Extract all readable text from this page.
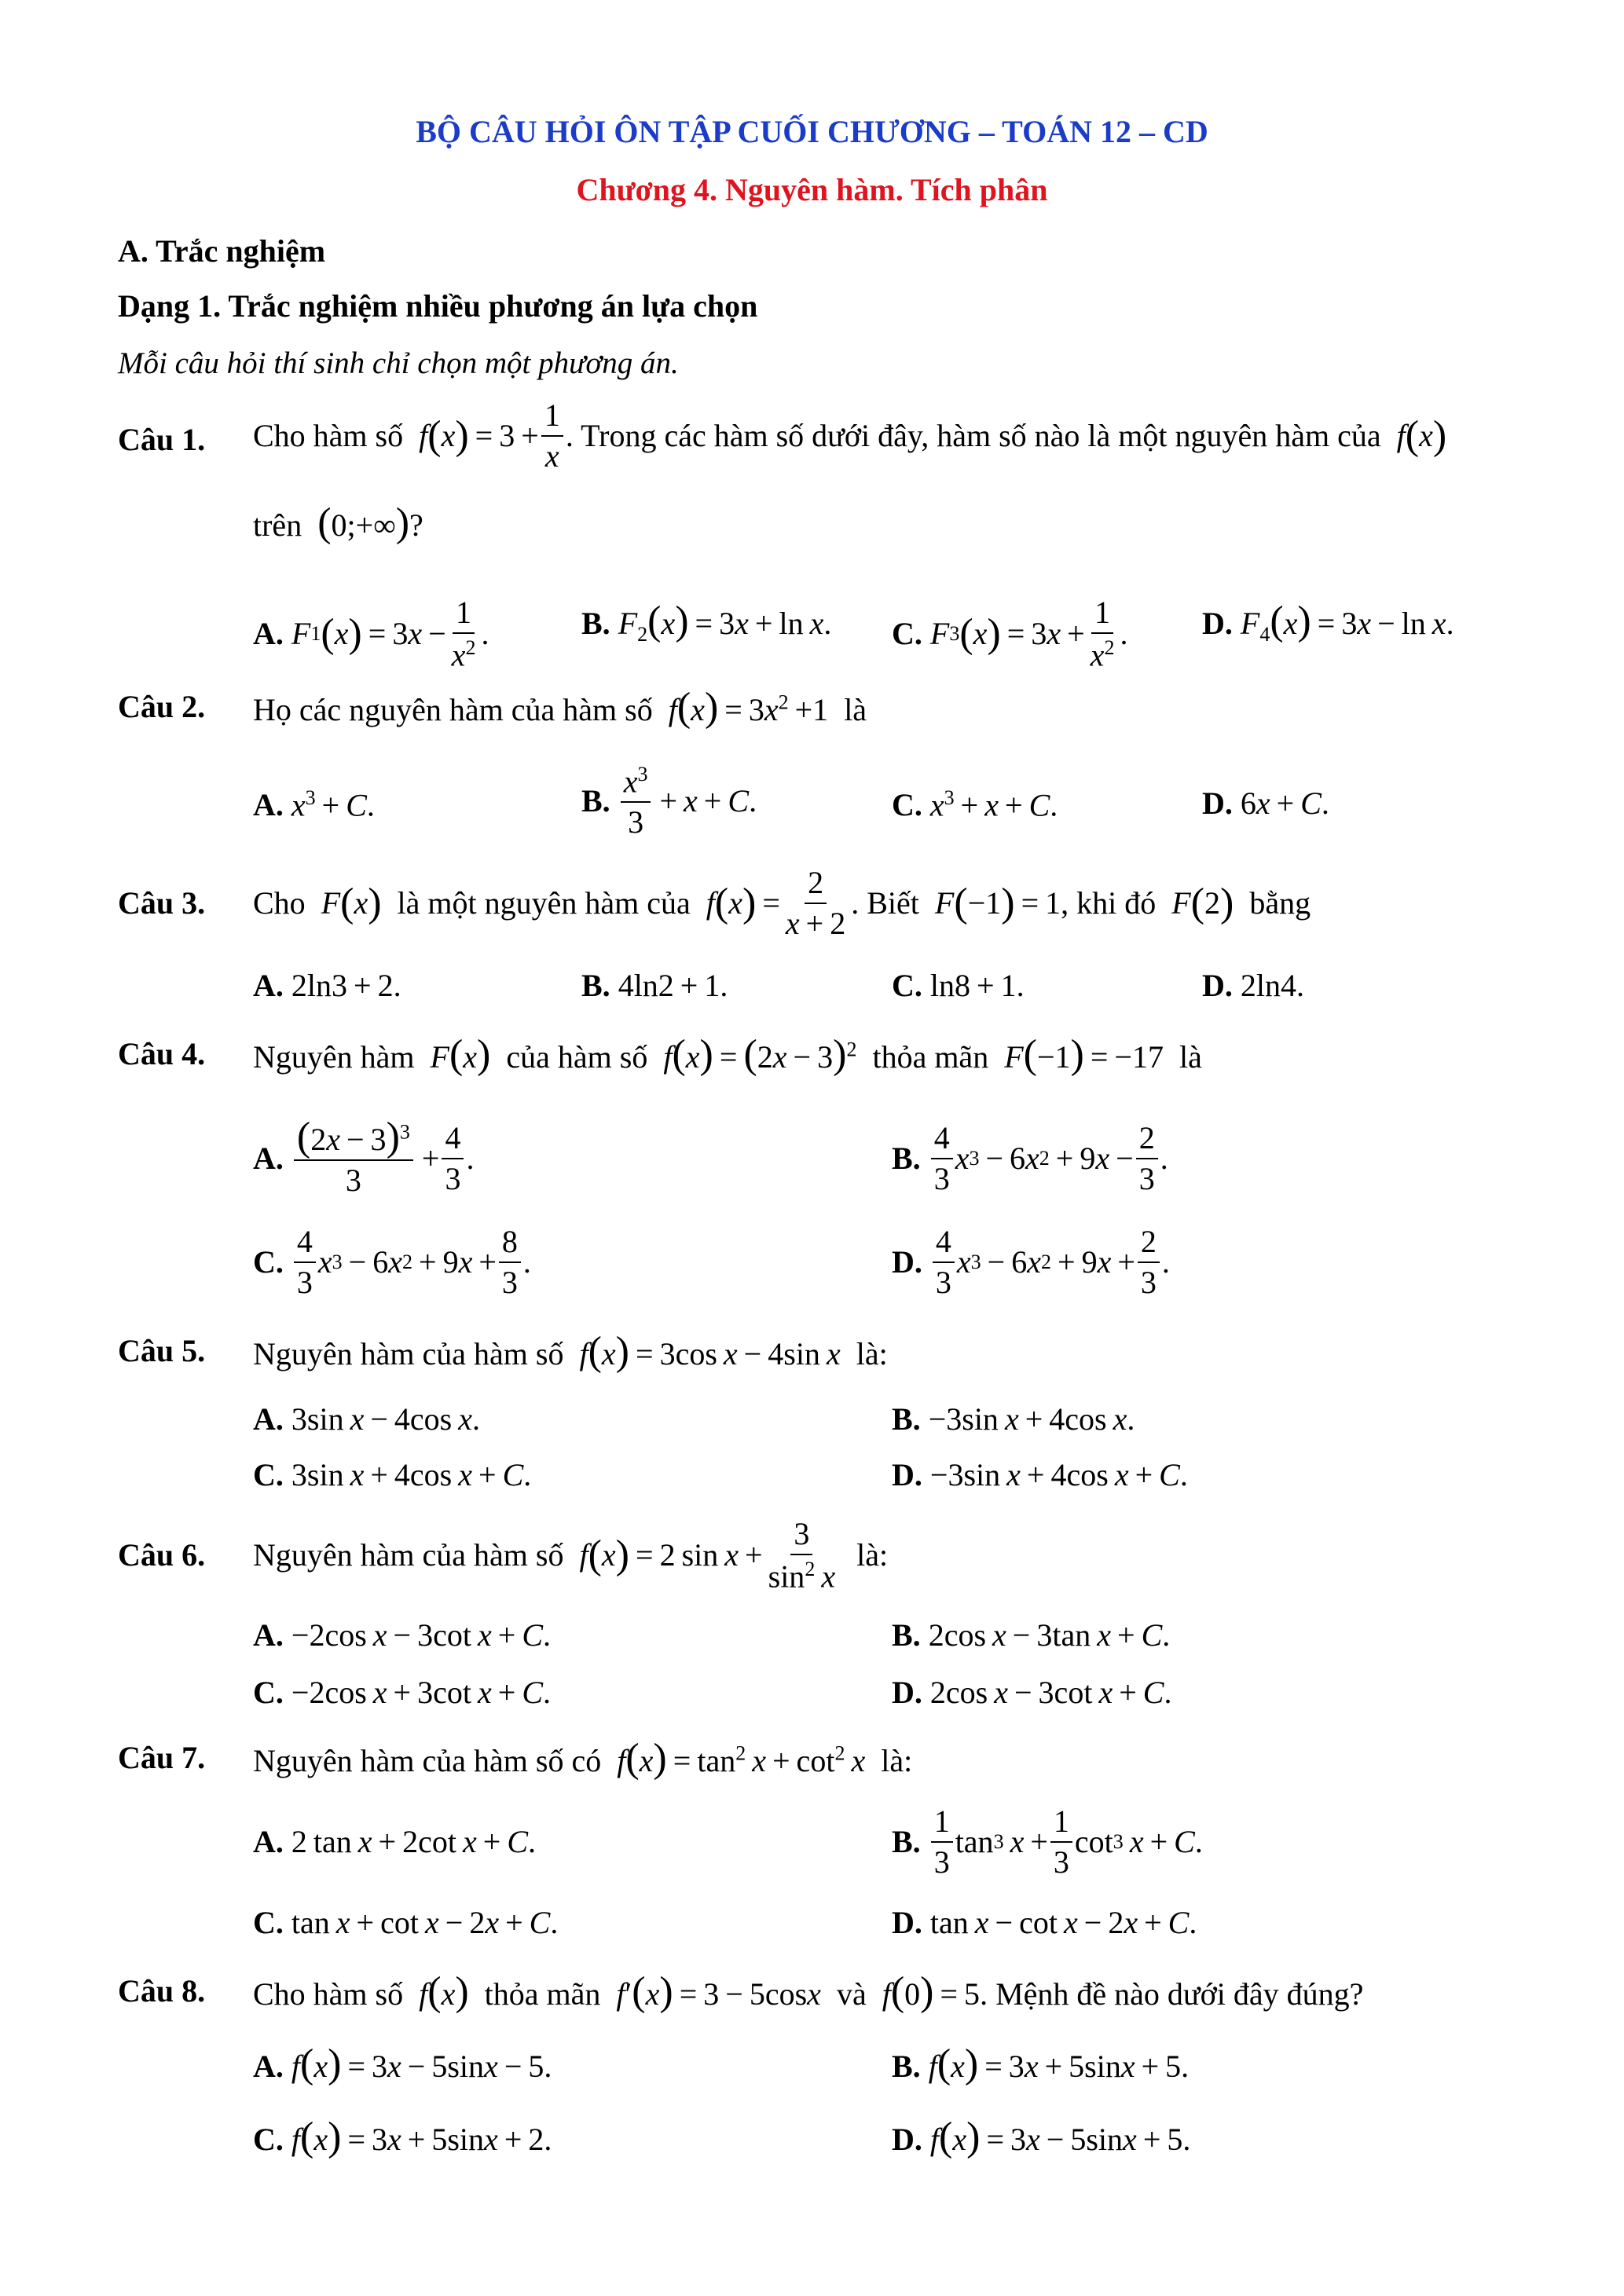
BỘ CÂU HỎI ÔN TẬP CUỐI CHƯƠNG – TOÁN 12 – CD
Chương 4. Nguyên hàm. Tích phân
A. Trắc nghiệm
Dạng 1. Trắc nghiệm nhiều phương án lựa chọn
Mỗi câu hỏi thí sinh chỉ chọn một phương án.
Câu 1. Cho hàm số
f ( x )  = $3 + \frac{1}{x}$ . Trong các hàm số dưới đây, hàm số nào là một nguyên hàm của
f ( x )
trên (0;+∞)?
A. F 1 ( x )  = 3 $x - \frac{1}{x^2}$ .	B. $F_2(x) = 3x + \ln x$. C. F 3 ( x )  = 3 $x + \frac{1}{x^2}$ . D. $F_4(x) = 3x - \ln x$.
Câu 2. Họ các nguyên hàm của hàm số $f(x) = 3x^2 +1$  là
A. $x^3 + C$.	B. $\frac{x^3}{3} + x + C$ .	C. $x^3 + x + C$.	D. 6x + C.
Câu 3. Cho
F ( x )
là một nguyên hàm của
f ( x )  = $\frac{2}{x + 2}$ . Biết
F ( −1 )  = 1 , khi đó
F ( 2 )
bằng
A. 2ln3 + 2.	B. 4ln2 + 1.	C. ln8 + 1.	D. 2ln4.
Câu 4. Nguyên hàm F(x) của hàm số $f(x) = (2x - 3)^2$ thỏa mãn F(−1) = −17  là
A. $\frac{(2x - 3)^3}{3} + \frac{4}{3}$ .	B. $\frac{4}{3}$ x 3  − 6 x 2  + 9 $x - \frac{2}{3}$ .
C. $\frac{4}{3}$ x 3  − 6 x 2  + 9 $x + \frac{8}{3}$ .	D. $\frac{4}{3}$ x 3  − 6 x 2  + 9 $x + \frac{2}{3}$ .
Câu 5. Nguyên hàm của hàm số f(x) = 3cos x − 4sin x là:
A. 3sin x − 4cos x.	B. −3sin x + 4cos x.
C. 3sin x + 4cos x + C.	D. −3sin x + 4cos x + C.
Câu 6. Nguyên hàm của hàm số
f ( x )  = 2 $\sin x + \frac{3}{\sin^2 x}$
là:
A. −2cos x − 3cot x + C.	B. 2cos x − 3tan x + C.
C. −2cos x + 3cot x + C.	D. 2cos x − 3cot x + C.
Câu 7. Nguyên hàm của hàm số có $f(x) = \tan^2 x + \cot^2 x$ là:
A. 2 tan x + 2cot x + C.	B. $\frac{1}{3}$ tan 3
  $x + \frac{1}{3}$ cot 3
  x  +  C .
C. tan x + cot x − 2x + C.	D. tan x − cot x − 2x + C.
Câu 8. Cho hàm số f(x) thỏa mãn f′(x) = 3 − 5cosx và f(0) = 5. Mệnh đề nào dưới đây đúng?
A. f(x) = 3x − 5sinx − 5.	B. f(x) = 3x + 5sinx + 5.
C. f(x) = 3x + 5sinx + 2.	D. f(x) = 3x − 5sinx + 5.
